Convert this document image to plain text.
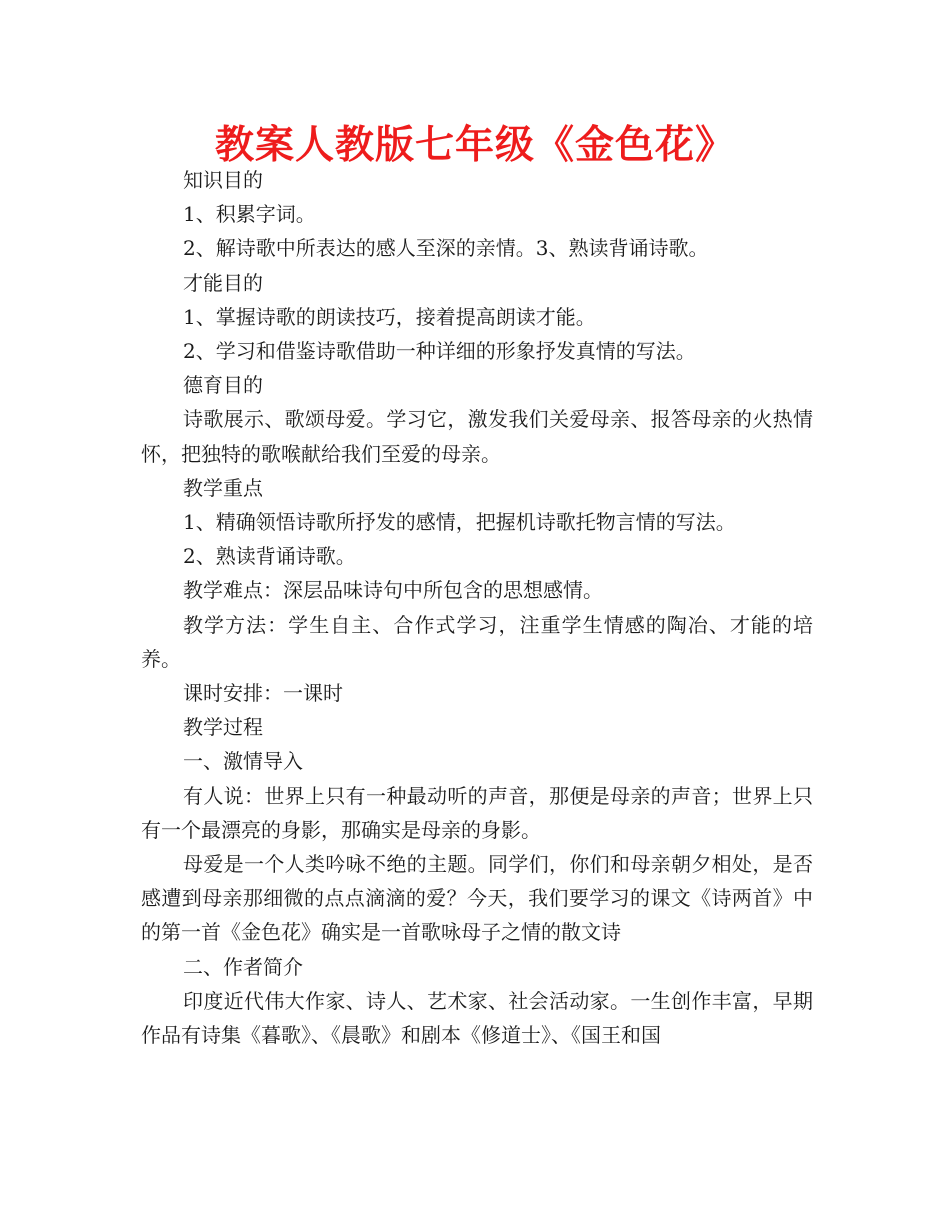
教案人教版七年级《金色花》

知识目的

1、积累字词。

2、解诗歌中所表达的感人至深的亲情。3、熟读背诵诗歌。

才能目的

1、掌握诗歌的朗读技巧，接着提高朗读才能。

2、学习和借鉴诗歌借助一种详细的形象抒发真情的写法。

德育目的

诗歌展示、歌颂母爱。学习它，激发我们关爱母亲、报答母亲的火热情怀，把独特的歌喉献给我们至爱的母亲。

教学重点

1、精确领悟诗歌所抒发的感情，把握机诗歌托物言情的写法。

2、熟读背诵诗歌。

教学难点：深层品味诗句中所包含的思想感情。

教学方法：学生自主、合作式学习，注重学生情感的陶冶、才能的培养。

课时安排：一课时

教学过程

一、激情导入

有人说：世界上只有一种最动听的声音，那便是母亲的声音；世界上只有一个最漂亮的身影，那确实是母亲的身影。

母爱是一个人类吟咏不绝的主题。同学们，你们和母亲朝夕相处，是否感遭到母亲那细微的点点滴滴的爱？今天，我们要学习的课文《诗两首》中的第一首《金色花》确实是一首歌咏母子之情的散文诗

二、作者简介

印度近代伟大作家、诗人、艺术家、社会活动家。一生创作丰富，早期作品有诗集《暮歌》、《晨歌》和剧本《修道士》、《国王和国
